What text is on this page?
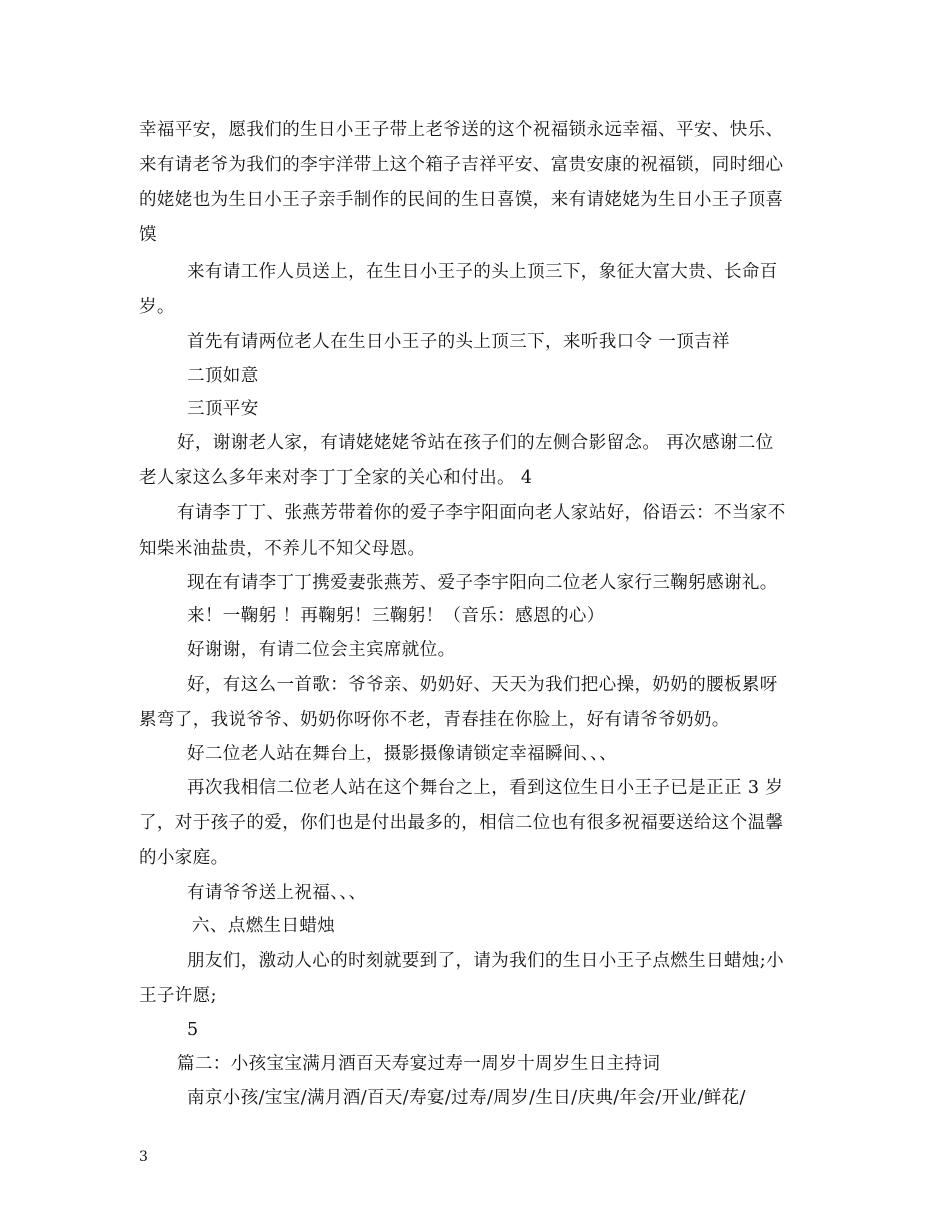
幸福平安，愿我们的生日小王子带上老爷送的这个祝福锁永远幸福、平安、快乐、
来有请老爷为我们的李宇洋带上这个箱子吉祥平安、富贵安康的祝福锁，同时细心
的姥姥也为生日小王子亲手制作的民间的生日喜馍，来有请姥姥为生日小王子顶喜
馍
来有请工作人员送上，在生日小王子的头上顶三下，象征大富大贵、长命百
岁。
首先有请两位老人在生日小王子的头上顶三下，来听我口令 一顶吉祥
二顶如意
三顶平安
好，谢谢老人家，有请姥姥姥爷站在孩子们的左侧合影留念。 再次感谢二位
老人家这么多年来对李丁丁全家的关心和付出。 4
有请李丁丁、张燕芳带着你的爱子李宇阳面向老人家站好，俗语云：不当家不
知柴米油盐贵，不养儿不知父母恩。
现在有请李丁丁携爱妻张燕芳、爱子李宇阳向二位老人家行三鞠躬感谢礼。
来！一鞠躬 ！再鞠躬！三鞠躬！（音乐：感恩的心）
好谢谢，有请二位会主宾席就位。
好，有这么一首歌：爷爷亲、奶奶好、天天为我们把心操，奶奶的腰板累呀
累弯了，我说爷爷、奶奶你呀你不老，青春挂在你脸上，好有请爷爷奶奶。
好二位老人站在舞台上，摄影摄像请锁定幸福瞬间、、、
再次我相信二位老人站在这个舞台之上，看到这位生日小王子已是正正 3 岁
了，对于孩子的爱，你们也是付出最多的，相信二位也有很多祝福要送给这个温馨
的小家庭。
有请爷爷送上祝福、、、
六、点燃生日蜡烛
朋友们，激动人心的时刻就要到了，请为我们的生日小王子点燃生日蜡烛;小
王子许愿;
5
篇二：小孩宝宝满月酒百天寿宴过寿一周岁十周岁生日主持词
南京小孩/宝宝/满月酒/百天/寿宴/过寿/周岁/生日/庆典/年会/开业/鲜花/
3
